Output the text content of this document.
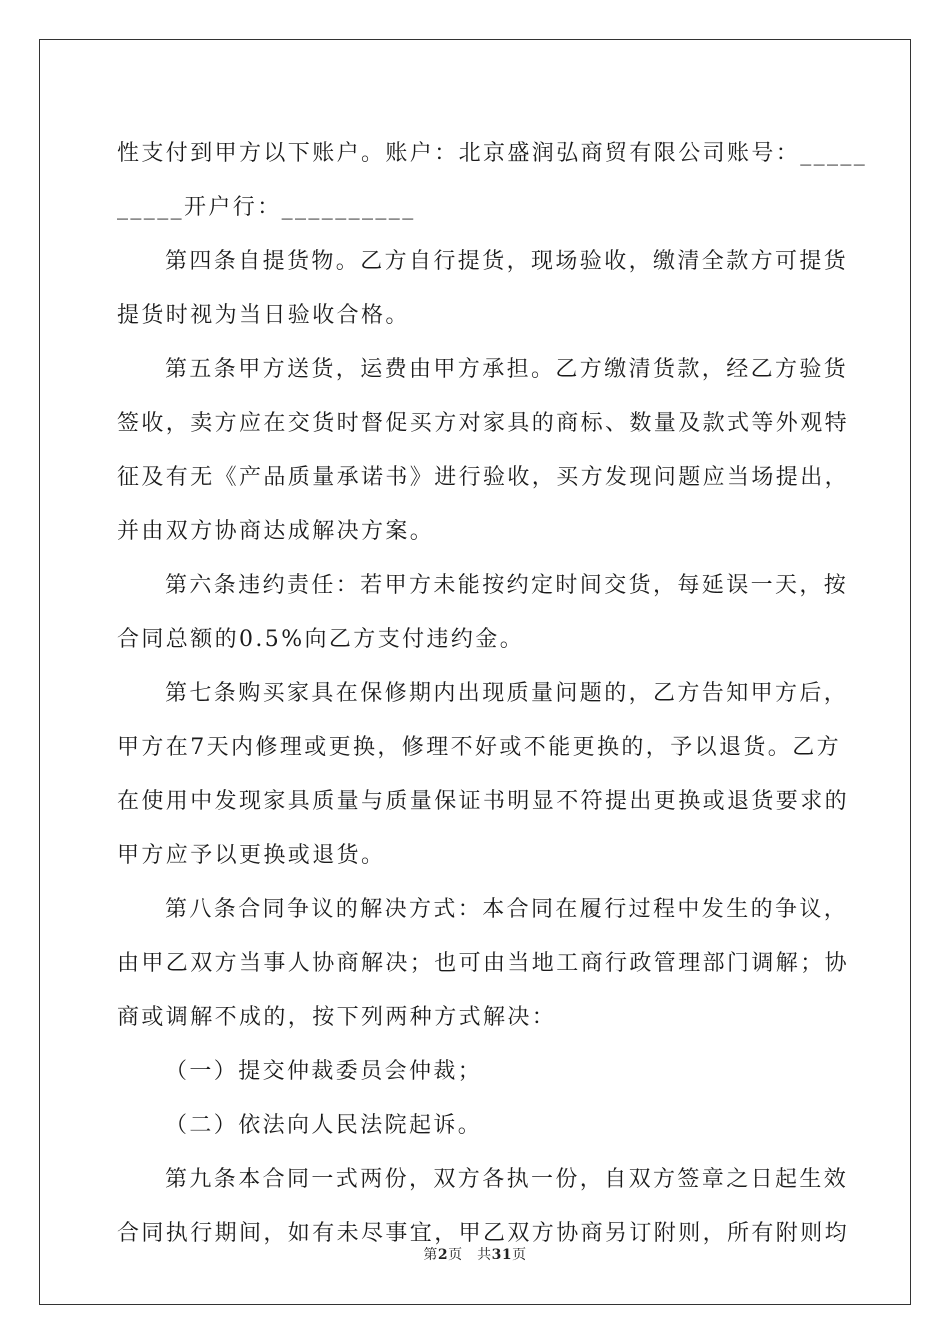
性支付到甲方以下账户。账户：北京盛润弘商贸有限公司账号：_____
_____开户行：__________
第四条自提货物。乙方自行提货，现场验收，缴清全款方可提货
提货时视为当日验收合格。
第五条甲方送货，运费由甲方承担。乙方缴清货款，经乙方验货
签收，卖方应在交货时督促买方对家具的商标、数量及款式等外观特
征及有无《产品质量承诺书》进行验收，买方发现问题应当场提出，
并由双方协商达成解决方案。
第六条违约责任：若甲方未能按约定时间交货，每延误一天，按
合同总额的0.5%向乙方支付违约金。
第七条购买家具在保修期内出现质量问题的，乙方告知甲方后，
甲方在7天内修理或更换，修理不好或不能更换的，予以退货。乙方
在使用中发现家具质量与质量保证书明显不符提出更换或退货要求的
甲方应予以更换或退货。
第八条合同争议的解决方式：本合同在履行过程中发生的争议，
由甲乙双方当事人协商解决；也可由当地工商行政管理部门调解；协
商或调解不成的，按下列两种方式解决：
（一）提交仲裁委员会仲裁；
（二）依法向人民法院起诉。
第九条本合同一式两份，双方各执一份，自双方签章之日起生效
合同执行期间，如有未尽事宜，甲乙双方协商另订附则，所有附则均
第2页　共31页
